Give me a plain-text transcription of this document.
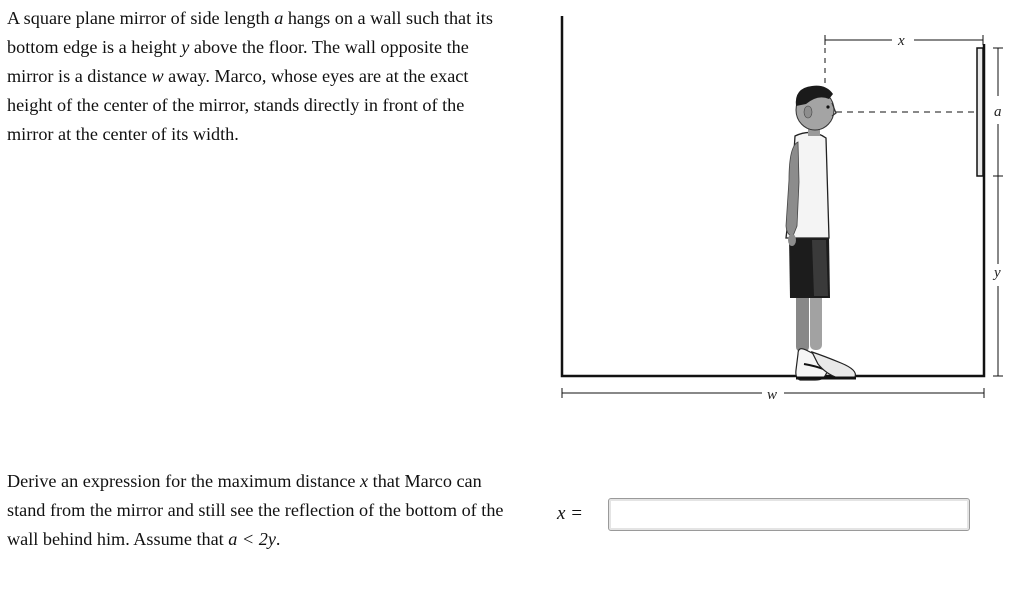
A square plane mirror of side length a hangs on a wall such that its bottom edge is a height y above the floor. The wall opposite the mirror is a distance w away. Marco, whose eyes are at the exact height of the center of the mirror, stands directly in front of the mirror at the center of its width.

x
a
y
w

Derive an expression for the maximum distance x that Marco can stand from the mirror and still see the reflection of the bottom of the wall behind him. Assume that a < 2y.

x =
